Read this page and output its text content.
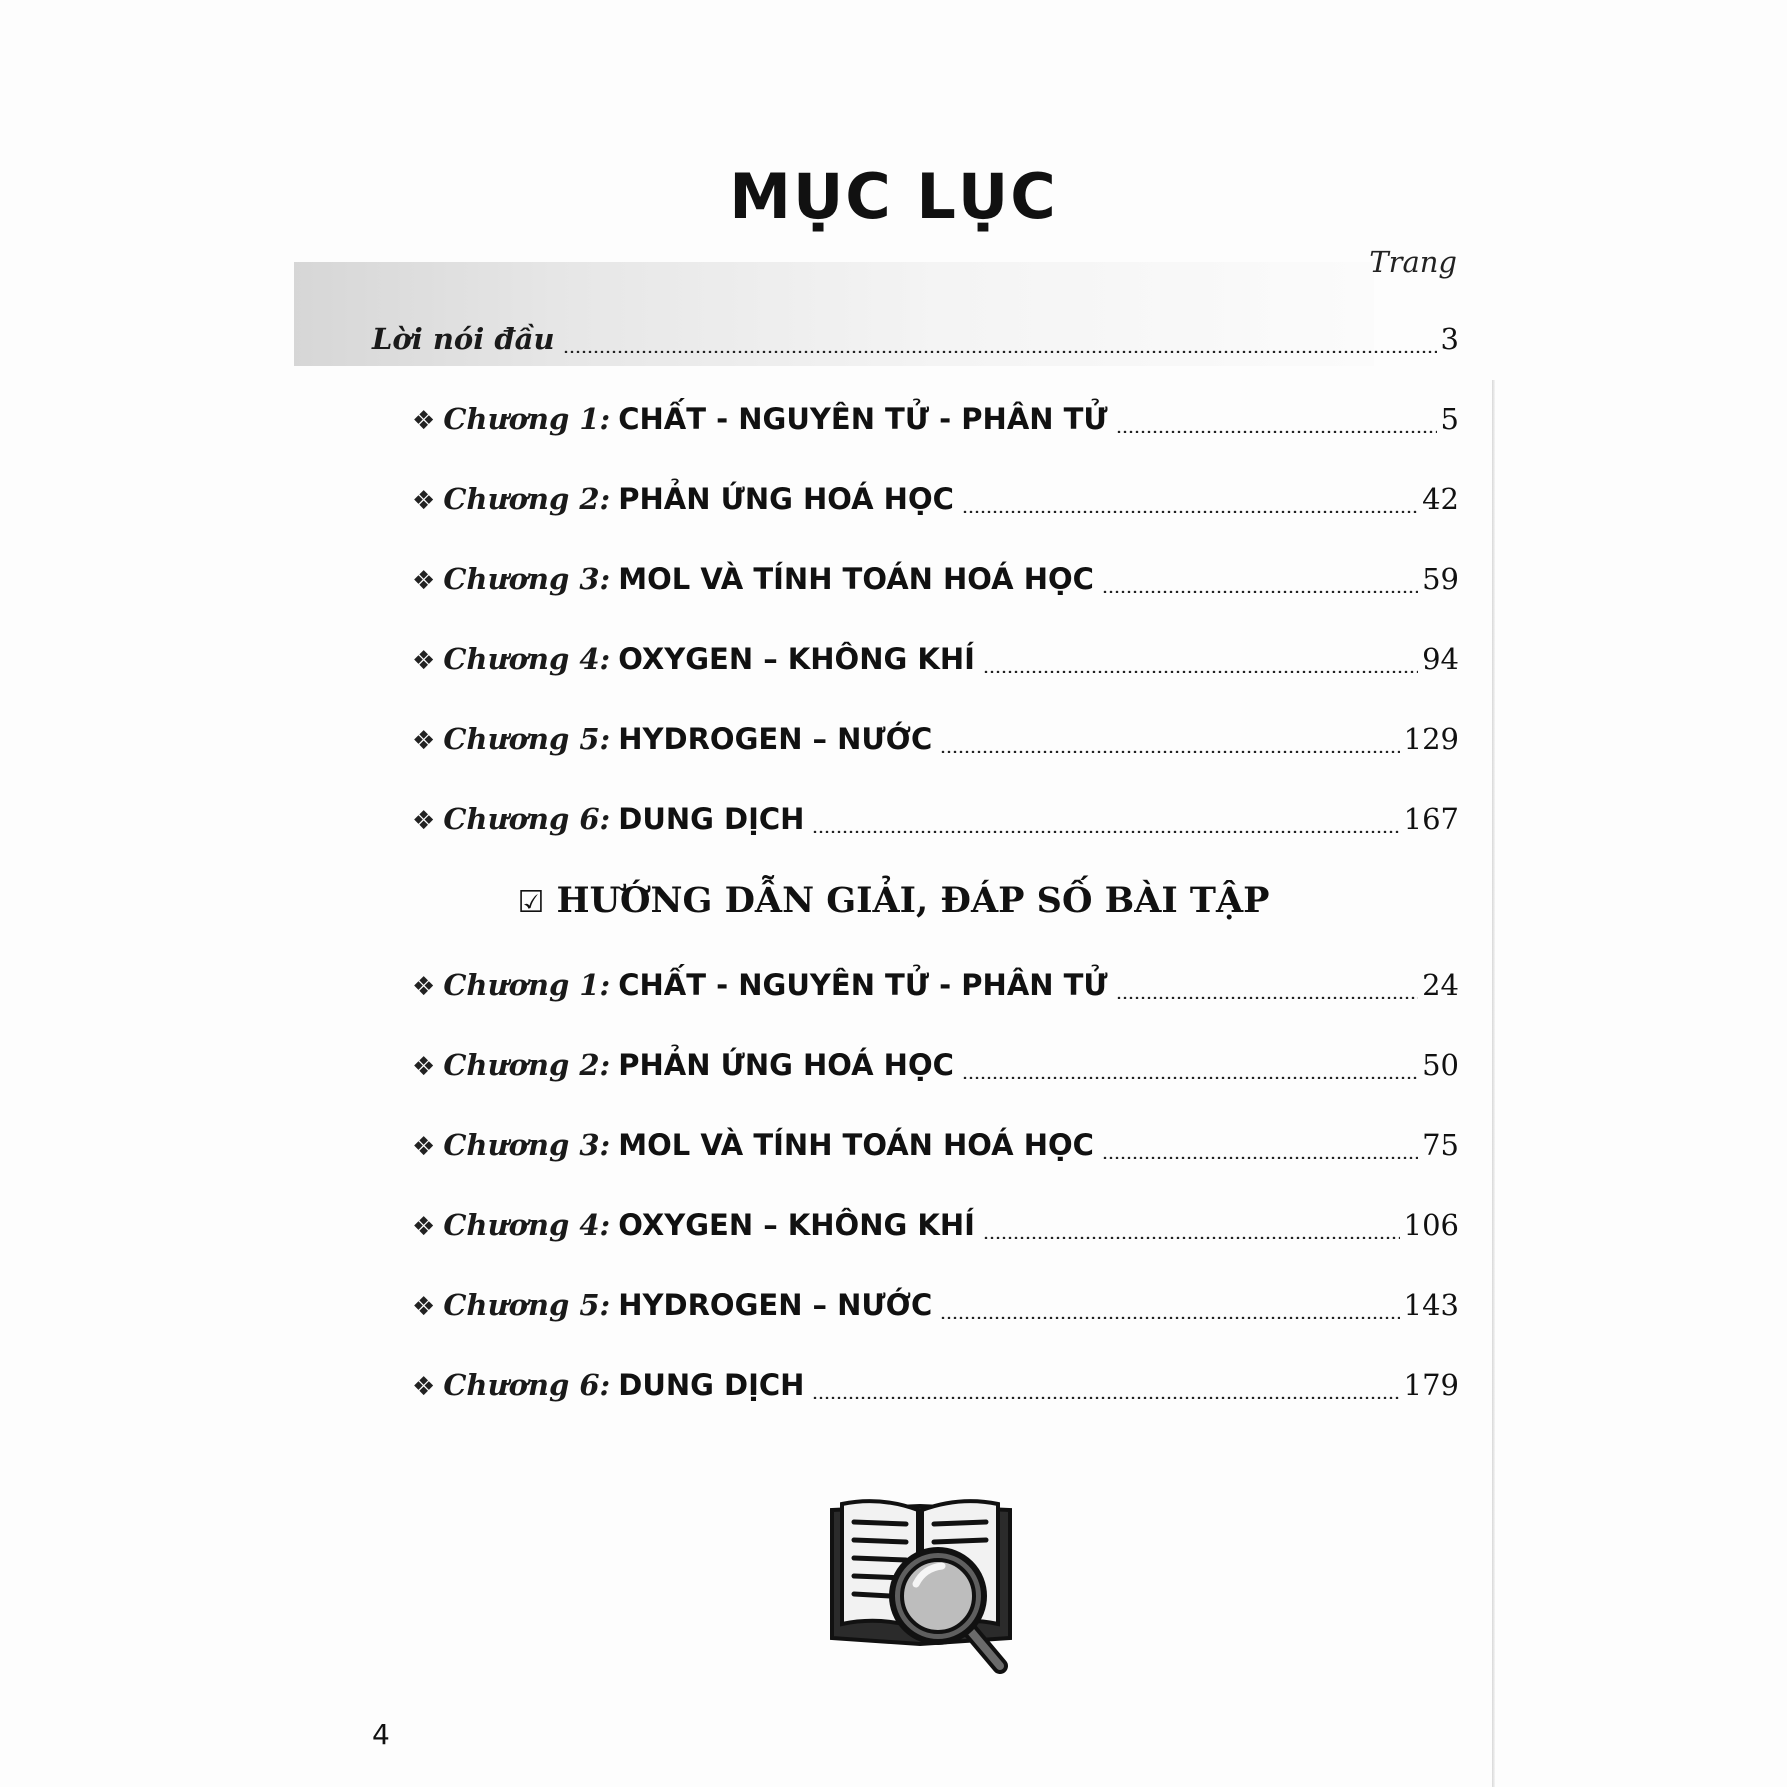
MỤC LỤC
Trang
Lời nói đầu	3
❖ Chương 1: CHẤT - NGUYÊN TỬ - PHÂN TỬ	5
❖ Chương 2: PHẢN ỨNG HOÁ HỌC	42
❖ Chương 3: MOL VÀ TÍNH TOÁN HOÁ HỌC	59
❖ Chương 4: OXYGEN – KHÔNG KHÍ	94
❖ Chương 5: HYDROGEN – NƯỚC	129
❖ Chương 6: DUNG DỊCH	167
☑ HƯỚNG DẪN GIẢI, ĐÁP SỐ BÀI TẬP
❖ Chương 1: CHẤT - NGUYÊN TỬ - PHÂN TỬ	24
❖ Chương 2: PHẢN ỨNG HOÁ HỌC	50
❖ Chương 3: MOL VÀ TÍNH TOÁN HOÁ HỌC	75
❖ Chương 4: OXYGEN – KHÔNG KHÍ	106
❖ Chương 5: HYDROGEN – NƯỚC	143
❖ Chương 6: DUNG DỊCH	179
4
